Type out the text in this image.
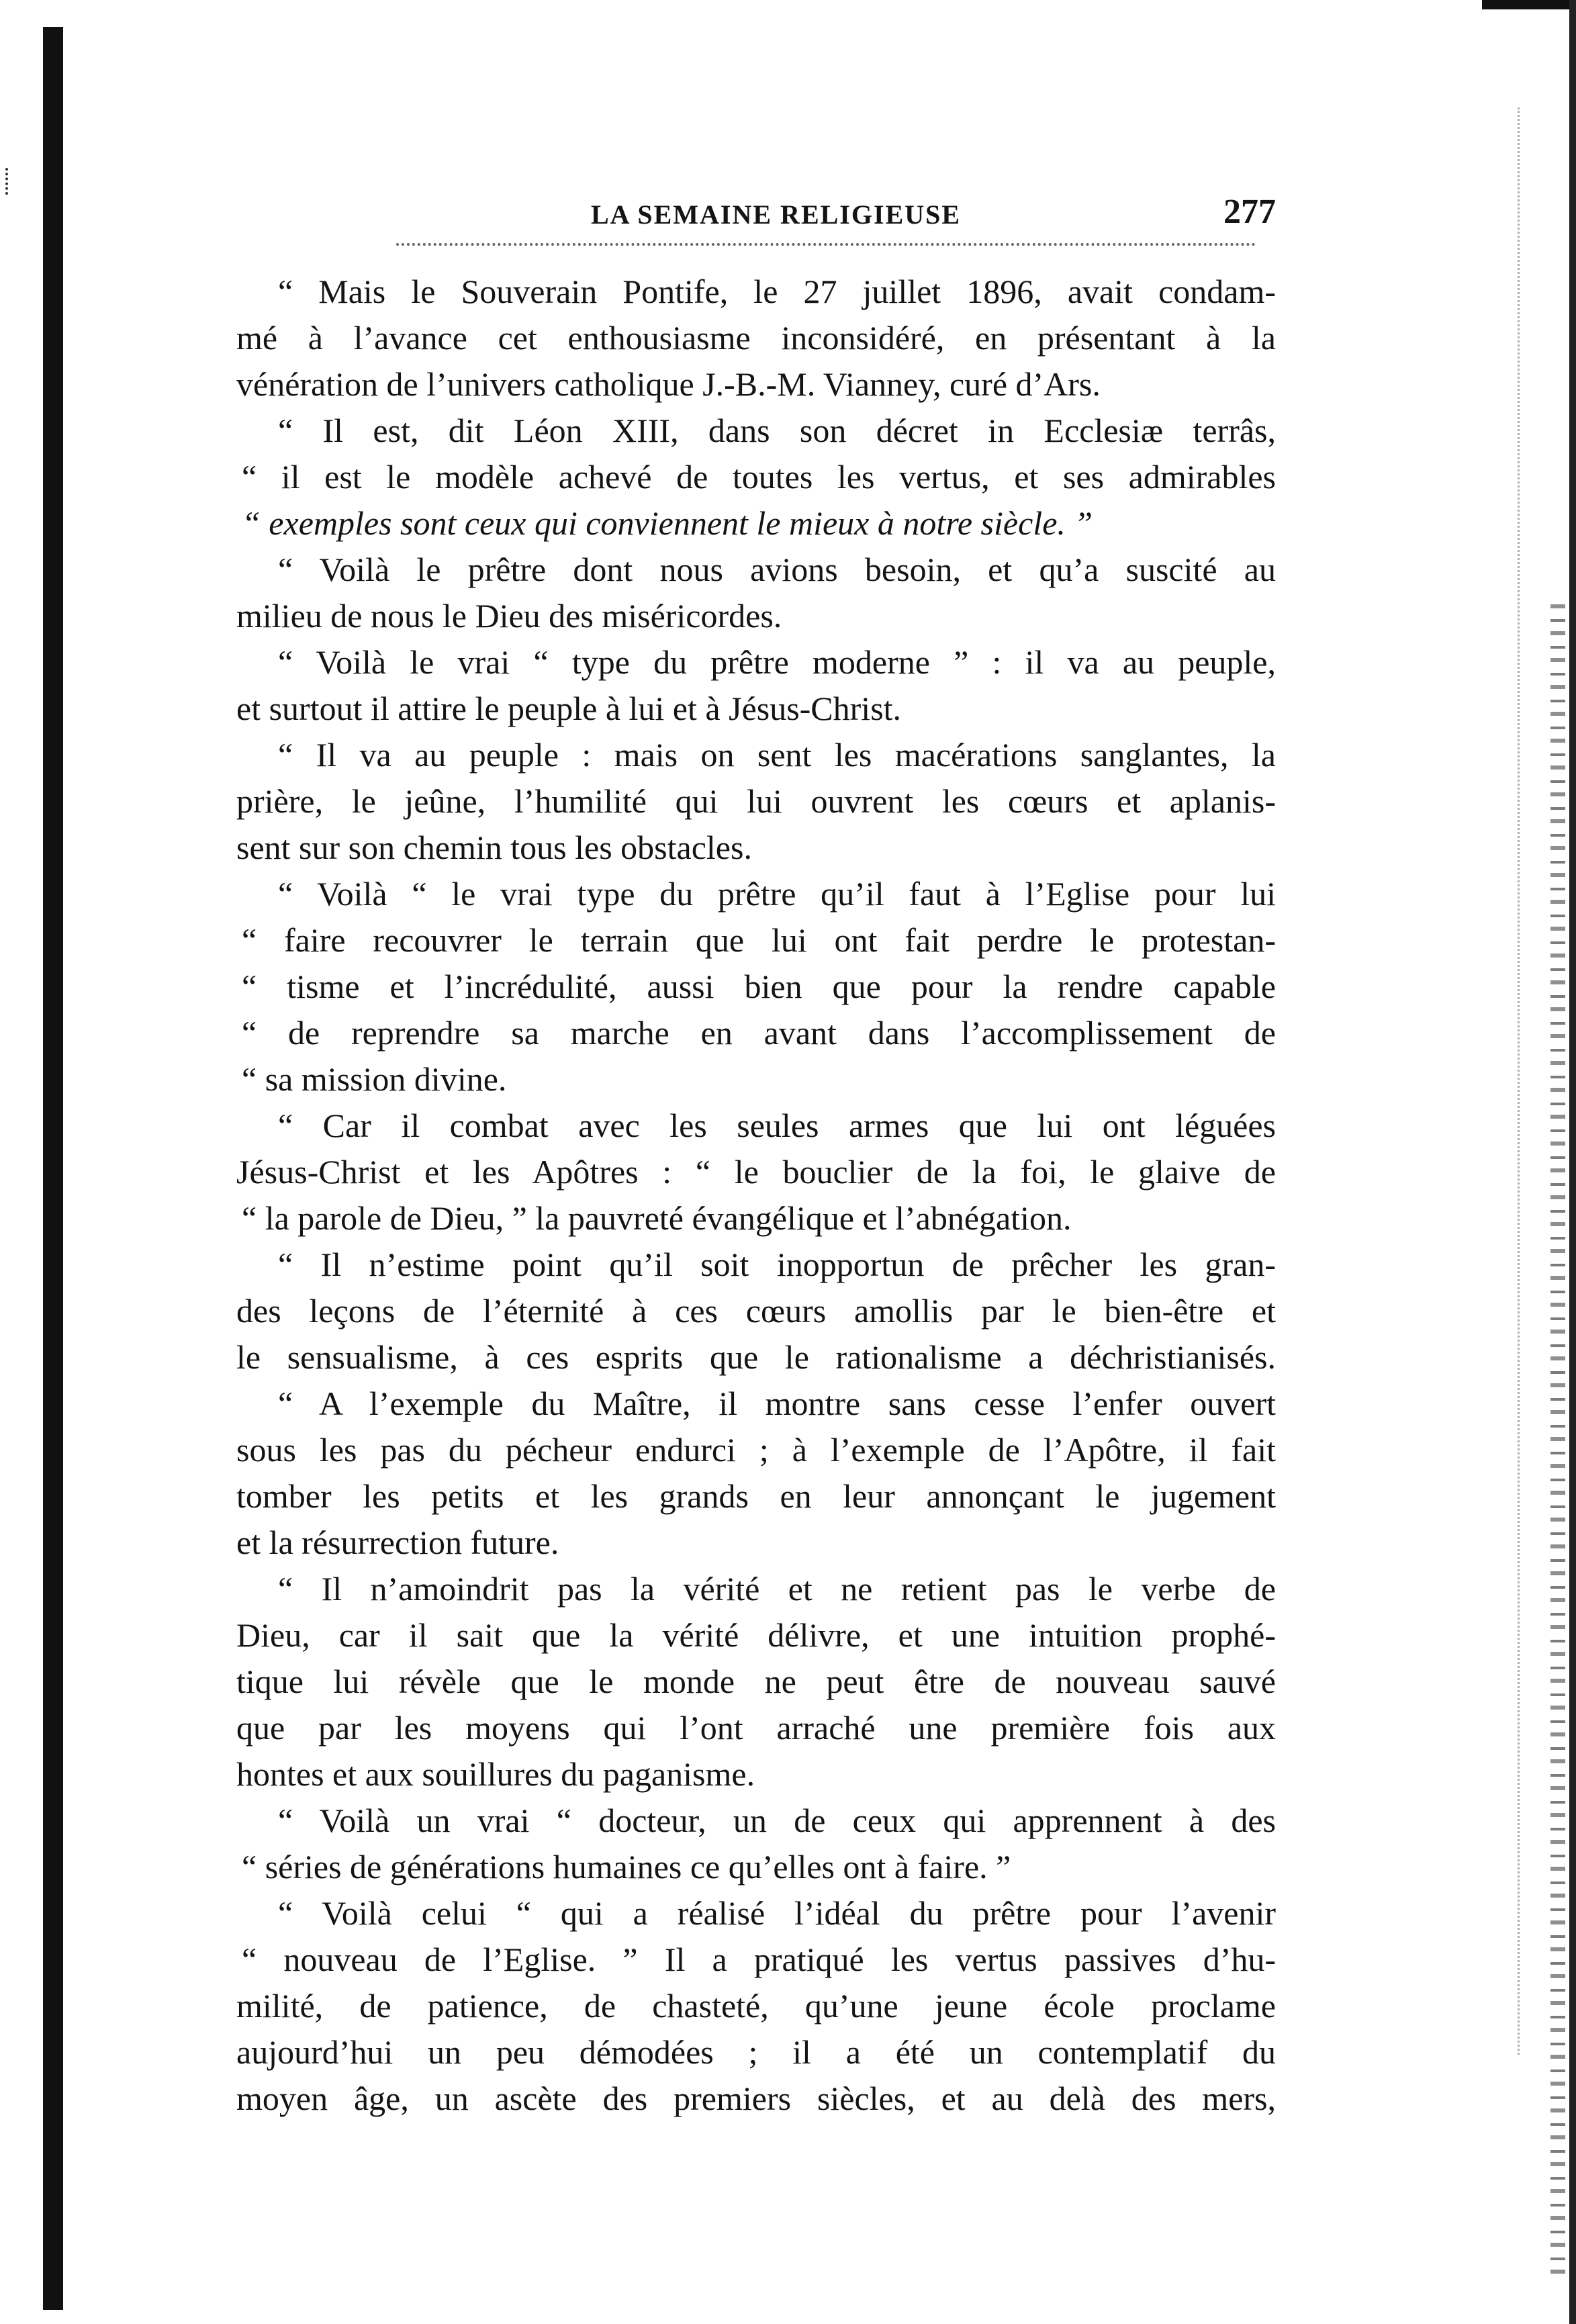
LA SEMAINE RELIGIEUSE	277
“ Mais le Souverain Pontife, le 27 juillet 1896, avait condam-
mé à l’avance cet enthousiasme inconsidéré, en présentant à la
vénération de l’univers catholique J.-B.-M. Vianney, curé d’Ars.
“ Il est, dit Léon XIII, dans son décret in Ecclesiæ terrâs,
“ il est le modèle achevé de toutes les vertus, et ses admirables
“ exemples sont ceux qui conviennent le mieux à notre siècle. ”
“ Voilà le prêtre dont nous avions besoin, et qu’a suscité au
milieu de nous le Dieu des miséricordes.
“ Voilà le vrai “ type du prêtre moderne ” : il va au peuple,
et surtout il attire le peuple à lui et à Jésus-Christ.
“ Il va au peuple : mais on sent les macérations sanglantes, la
prière, le jeûne, l’humilité qui lui ouvrent les cœurs et aplanis-
sent sur son chemin tous les obstacles.
“ Voilà “ le vrai type du prêtre qu’il faut à l’Eglise pour lui
“ faire recouvrer le terrain que lui ont fait perdre le protestan-
“ tisme et l’incrédulité, aussi bien que pour la rendre capable
“ de reprendre sa marche en avant dans l’accomplissement de
“ sa mission divine.
“ Car il combat avec les seules armes que lui ont léguées
Jésus-Christ et les Apôtres : “ le bouclier de la foi, le glaive de
“ la parole de Dieu, ” la pauvreté évangélique et l’abnégation.
“ Il n’estime point qu’il soit inopportun de prêcher les gran-
des leçons de l’éternité à ces cœurs amollis par le bien-être et
le sensualisme, à ces esprits que le rationalisme a déchristianisés.
“ A l’exemple du Maître, il montre sans cesse l’enfer ouvert
sous les pas du pécheur endurci ; à l’exemple de l’Apôtre, il fait
tomber les petits et les grands en leur annonçant le jugement
et la résurrection future.
“ Il n’amoindrit pas la vérité et ne retient pas le verbe de
Dieu, car il sait que la vérité délivre, et une intuition prophé-
tique lui révèle que le monde ne peut être de nouveau sauvé
que par les moyens qui l’ont arraché une première fois aux
hontes et aux souillures du paganisme.
“ Voilà un vrai “ docteur, un de ceux qui apprennent à des
“ séries de générations humaines ce qu’elles ont à faire. ”
“ Voilà celui “ qui a réalisé l’idéal du prêtre pour l’avenir
“ nouveau de l’Eglise. ” Il a pratiqué les vertus passives d’hu-
milité, de patience, de chasteté, qu’une jeune école proclame
aujourd’hui un peu démodées ; il a été un contemplatif du
moyen âge, un ascète des premiers siècles, et au delà des mers,
